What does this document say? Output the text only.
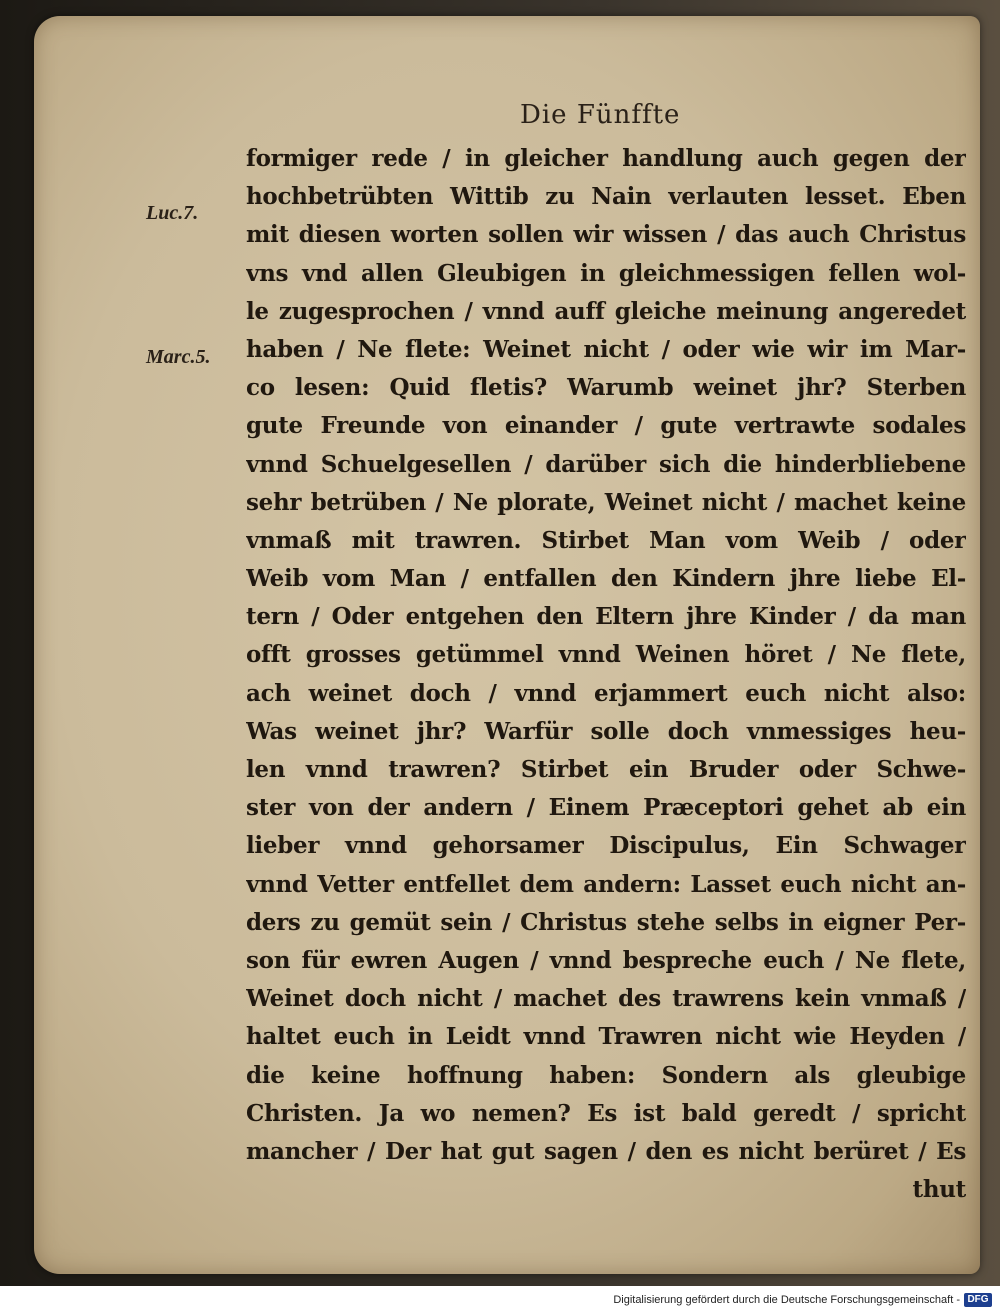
Die Fünffte
Luc.7.
Marc.5.
formiger rede / in gleicher handlung auch gegen der
hochbetrübten Wittib zu Nain verlauten lesset. Eben
mit diesen worten sollen wir wissen / das auch Christus
vns vnd allen Gleubigen in gleichmessigen fellen wol-
le zugesprochen / vnnd auff gleiche meinung angeredet
haben / Ne flete: Weinet nicht / oder wie wir im Mar-
co lesen: Quid fletis? Warumb weinet jhr? Sterben
gute Freunde von einander / gute vertrawte sodales
vnnd Schuelgesellen / darüber sich die hinderbliebene
sehr betrüben / Ne plorate, Weinet nicht / machet keine
vnmaß mit trawren. Stirbet Man vom Weib / oder
Weib vom Man / entfallen den Kindern jhre liebe El-
tern / Oder entgehen den Eltern jhre Kinder / da man
offt grosses getümmel vnnd Weinen höret / Ne flete,
ach weinet doch / vnnd erjammert euch nicht also:
Was weinet jhr? Warfür solle doch vnmessiges heu-
len vnnd trawren? Stirbet ein Bruder oder Schwe-
ster von der andern / Einem Præceptori gehet ab ein
lieber vnnd gehorsamer Discipulus, Ein Schwager
vnnd Vetter entfellet dem andern: Lasset euch nicht an-
ders zu gemüt sein / Christus stehe selbs in eigner Per-
son für ewren Augen / vnnd bespreche euch / Ne flete,
Weinet doch nicht / machet des trawrens kein vnmaß /
haltet euch in Leidt vnnd Trawren nicht wie Heyden /
die keine hoffnung haben: Sondern als gleubige
Christen. Ja wo nemen? Es ist bald geredt / spricht
mancher / Der hat gut sagen / den es nicht berüret / Es
thut
Digitalisierung gefördert durch die Deutsche Forschungsgemeinschaft - DFG
